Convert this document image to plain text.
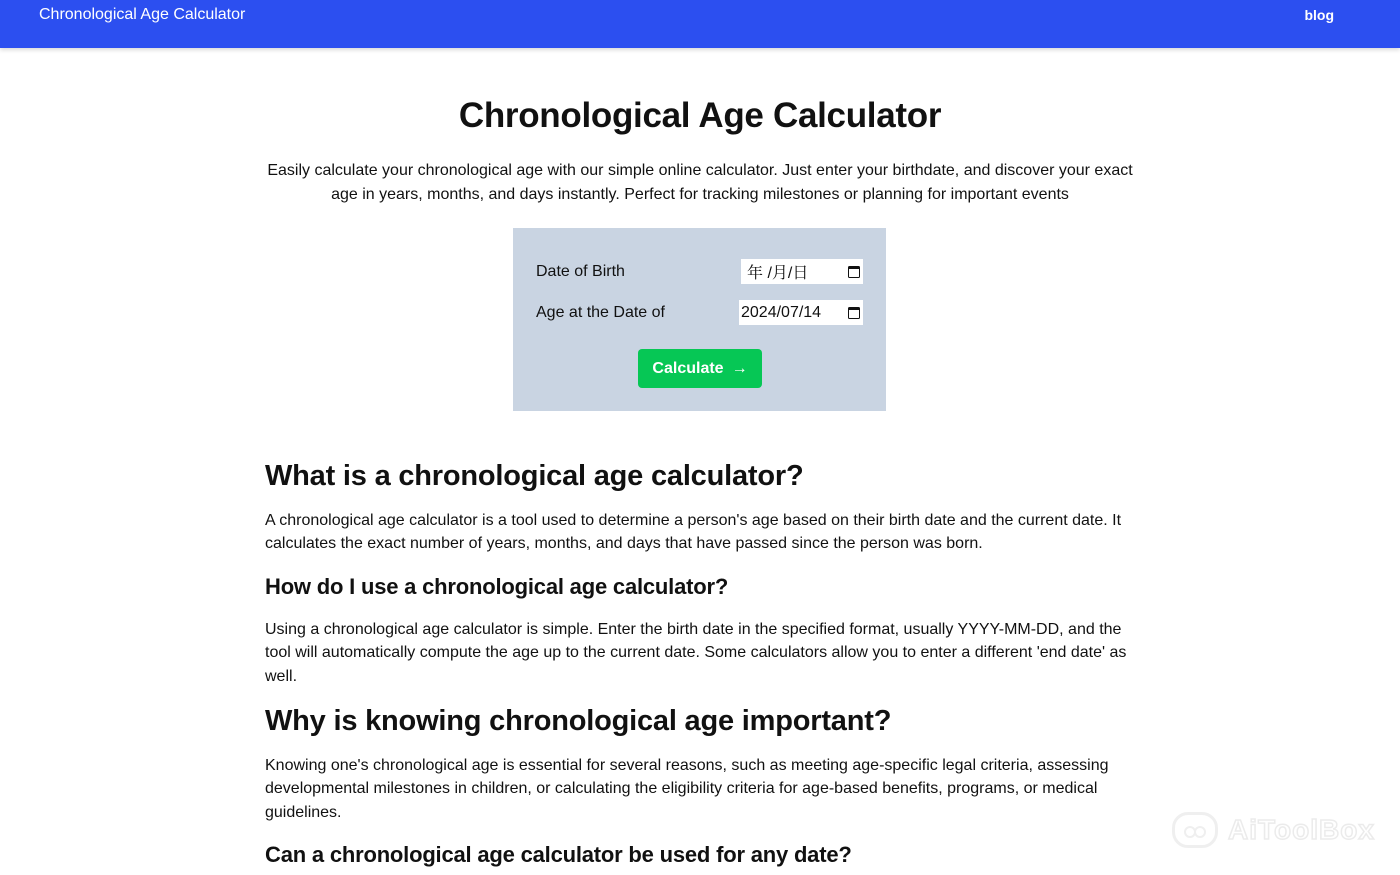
Chronological Age Calculator	blog
Chronological Age Calculator

Easily calculate your chronological age with our simple online calculator. Just enter your birthdate, and discover your exact age in years, months, and days instantly. Perfect for tracking milestones or planning for important events

Date of Birth	年 /月/日
Age at the Date of	2024/07/14
Calculate →
What is a chronological age calculator?

A chronological age calculator is a tool used to determine a person's age based on their birth date and the current date. It calculates the exact number of years, months, and days that have passed since the person was born.

How do I use a chronological age calculator?

Using a chronological age calculator is simple. Enter the birth date in the specified format, usually YYYY-MM-DD, and the tool will automatically compute the age up to the current date. Some calculators allow you to enter a different 'end date' as well.

Why is knowing chronological age important?

Knowing one's chronological age is essential for several reasons, such as meeting age-specific legal criteria, assessing developmental milestones in children, or calculating the eligibility criteria for age-based benefits, programs, or medical guidelines.

Can a chronological age calculator be used for any date?
AiToolBox
